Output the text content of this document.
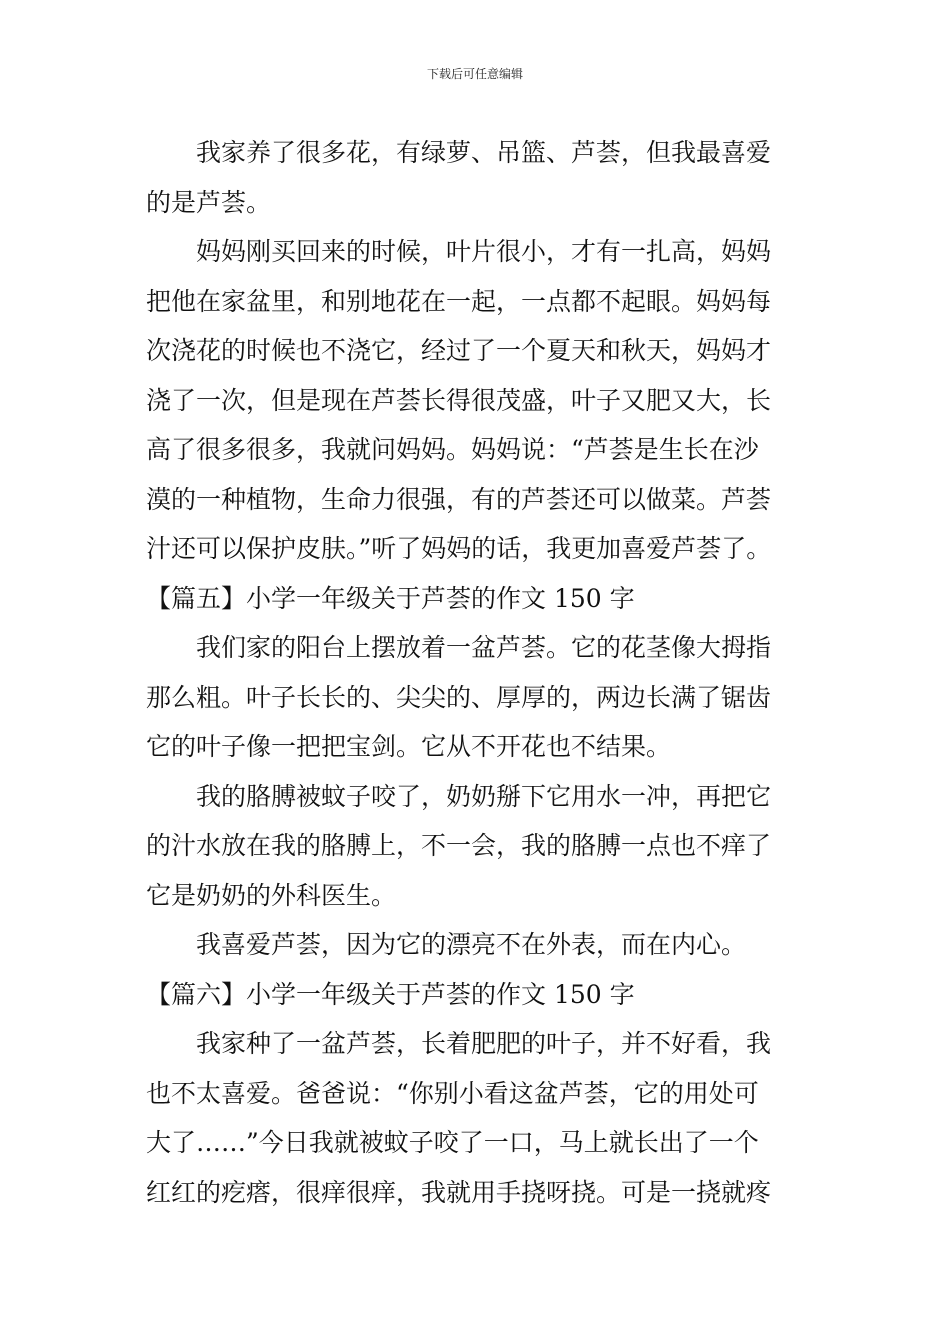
下载后可任意编辑
我家养了很多花，有绿萝、吊篮、芦荟，但我最喜爱
的是芦荟。
妈妈刚买回来的时候，叶片很小，才有一扎高，妈妈
把他在家盆里，和别地花在一起，一点都不起眼。妈妈每
次浇花的时候也不浇它，经过了一个夏天和秋天，妈妈才
浇了一次，但是现在芦荟长得很茂盛，叶子又肥又大，长
高了很多很多，我就问妈妈。妈妈说：“芦荟是生长在沙
漠的一种植物，生命力很强，有的芦荟还可以做菜。芦荟
汁还可以保护皮肤。”听了妈妈的话，我更加喜爱芦荟了。
【篇五】小学一年级关于芦荟的作文 150 字
我们家的阳台上摆放着一盆芦荟。它的花茎像大拇指
那么粗。叶子长长的、尖尖的、厚厚的，两边长满了锯齿
它的叶子像一把把宝剑。它从不开花也不结果。
我的胳膊被蚊子咬了，奶奶掰下它用水一冲，再把它
的汁水放在我的胳膊上，不一会，我的胳膊一点也不痒了
它是奶奶的外科医生。
我喜爱芦荟，因为它的漂亮不在外表，而在内心。
【篇六】小学一年级关于芦荟的作文 150 字
我家种了一盆芦荟，长着肥肥的叶子，并不好看，我
也不太喜爱。爸爸说：“你别小看这盆芦荟，它的用处可
大了……”今日我就被蚊子咬了一口，马上就长出了一个
红红的疙瘩，很痒很痒，我就用手挠呀挠。可是一挠就疼
